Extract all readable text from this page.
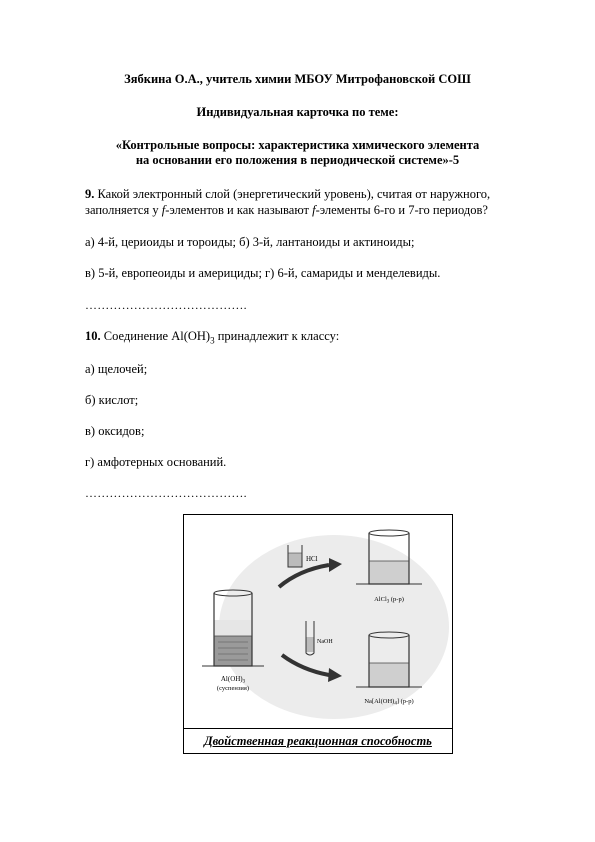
Зябкина О.А., учитель химии МБОУ Митрофановской СОШ
Индивидуальная карточка по теме:
«Контрольные вопросы: характеристика химического элемента
на основании его положения в периодической системе»-5
9. Какой электронный слой (энергетический уровень), считая от наружного,
заполняется у f-элементов и как называют f-элементы 6-го и 7-го периодов?
а) 4-й, цериоиды и тороиды; б) 3-й, лантаноиды и актиноиды;
в) 5-й, европеоиды и америциды; г) 6-й, самариды и менделевиды.
………………………………….
10. Соединение $Al(OH)_3$ принадлежит к классу:
а) щелочей;
б) кислот;
в) оксидов;
г) амфотерных оснований.
………………………………….
HCl
NaOH
$Al(OH)_3$
(суспензия)
AlCl$_3$ (р-р)
$Na[Al(OH)_4]$ (р-р)
Двойственная реакционная способность
